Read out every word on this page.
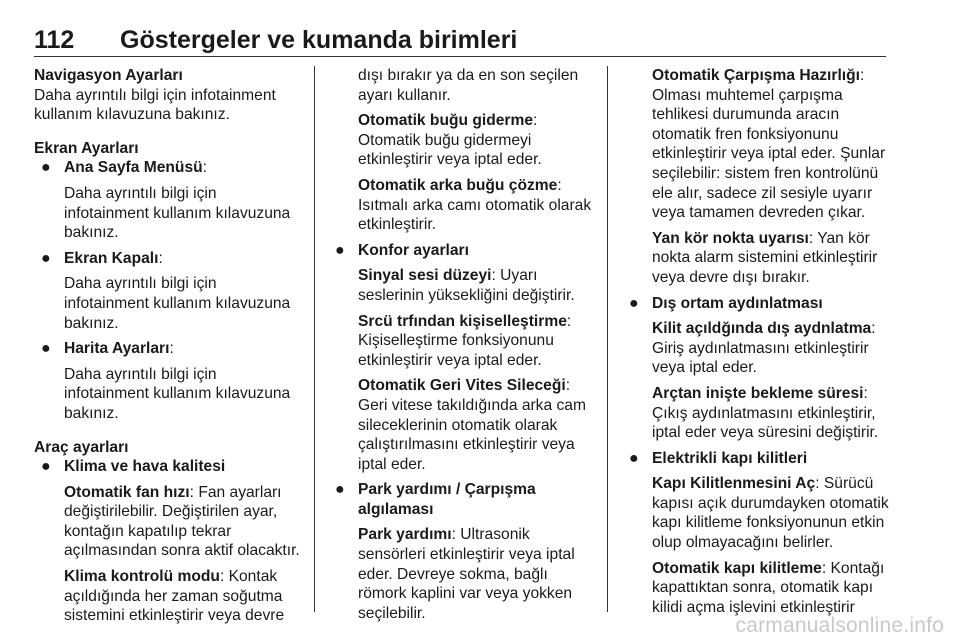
112 Göstergeler ve kumanda birimleri
Navigasyon Ayarları
Daha ayrıntılı bilgi için infotainment kullanım kılavuzuna bakınız.
Ekran Ayarları
● Ana Sayfa Menüsü:
Daha ayrıntılı bilgi için infotainment kullanım kılavuzuna bakınız.
● Ekran Kapalı:
Daha ayrıntılı bilgi için infotainment kullanım kılavuzuna bakınız.
● Harita Ayarları:
Daha ayrıntılı bilgi için infotainment kullanım kılavuzuna bakınız.
Araç ayarları
● Klima ve hava kalitesi
Otomatik fan hızı: Fan ayarları değiştirilebilir. Değiştirilen ayar, kontağın kapatılıp tekrar açılmasından sonra aktif olacaktır.
Klima kontrolü modu: Kontak açıldığında her zaman soğutma sistemini etkinleştirir veya devre
dışı bırakır ya da en son seçilen ayarı kullanır.
Otomatik buğu giderme:
Otomatik buğu gidermeyi etkinleştirir veya iptal eder.
Otomatik arka buğu çözme:
Isıtmalı arka camı otomatik olarak etkinleştirir.
● Konfor ayarları
Sinyal sesi düzeyi: Uyarı seslerinin yüksekliğini değiştirir.
Srcü trfından kişiselleştirme:
Kişiselleştirme fonksiyonunu etkinleştirir veya iptal eder.
Otomatik Geri Vites Sileceği:
Geri vitese takıldığında arka cam sileceklerinin otomatik olarak çalıştırılmasını etkinleştirir veya iptal eder.
● Park yardımı / Çarpışma algılaması
Park yardımı: Ultrasonik sensörleri etkinleştirir veya iptal eder. Devreye sokma, bağlı römork kaplini var veya yokken seçilebilir.
Otomatik Çarpışma Hazırlığı:
Olması muhtemel çarpışma tehlikesi durumunda aracın otomatik fren fonksiyonunu etkinleştirir veya iptal eder. Şunlar seçilebilir: sistem fren kontrolünü ele alır, sadece zil sesiyle uyarır veya tamamen devreden çıkar.
Yan kör nokta uyarısı: Yan kör nokta alarm sistemini etkinleştirir veya devre dışı bırakır.
● Dış ortam aydınlatması
Kilit açıldğında dış aydnlatma:
Giriş aydınlatmasını etkinleştirir veya iptal eder.
Arçtan inişte bekleme süresi:
Çıkış aydınlatmasını etkinleştirir, iptal eder veya süresini değiştirir.
● Elektrikli kapı kilitleri
Kapı Kilitlenmesini Aç: Sürücü kapısı açık durumdayken otomatik kapı kilitleme fonksiyonunun etkin olup olmayacağını belirler.
Otomatik kapı kilitleme: Kontağı kapattıktan sonra, otomatik kapı kilidi açma işlevini etkinleştirir
carmanualsonline.info
